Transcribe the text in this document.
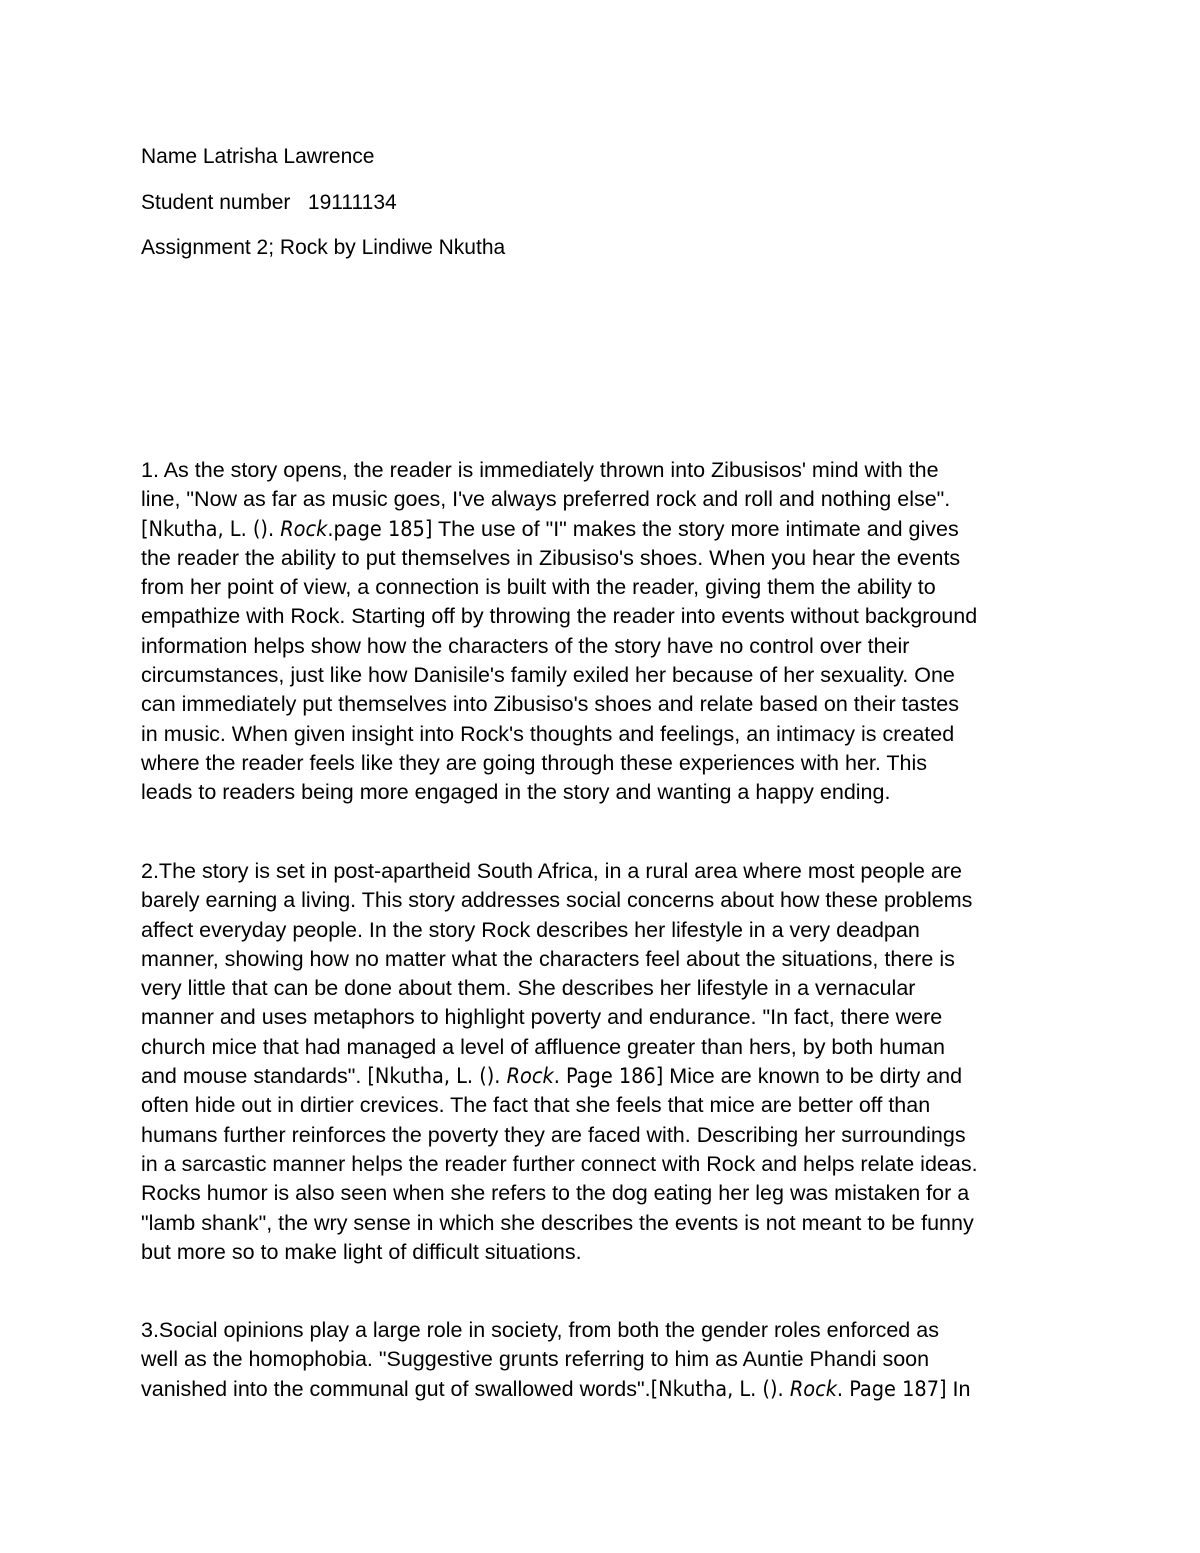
Name Latrisha Lawrence

Student number   19111134

Assignment 2; Rock by Lindiwe Nkutha

1. As the story opens, the reader is immediately thrown into Zibusisos' mind with the
line, "Now as far as music goes, I've always preferred rock and roll and nothing else".
[Nkutha, L. (). Rock.page 185] The use of "I" makes the story more intimate and gives
the reader the ability to put themselves in Zibusiso's shoes. When you hear the events
from her point of view, a connection is built with the reader, giving them the ability to
empathize with Rock. Starting off by throwing the reader into events without background
information helps show how the characters of the story have no control over their
circumstances, just like how Danisile's family exiled her because of her sexuality. One
can immediately put themselves into Zibusiso's shoes and relate based on their tastes
in music. When given insight into Rock's thoughts and feelings, an intimacy is created
where the reader feels like they are going through these experiences with her. This
leads to readers being more engaged in the story and wanting a happy ending.
2.The story is set in post-apartheid South Africa, in a rural area where most people are
barely earning a living. This story addresses social concerns about how these problems
affect everyday people. In the story Rock describes her lifestyle in a very deadpan
manner, showing how no matter what the characters feel about the situations, there is
very little that can be done about them. She describes her lifestyle in a vernacular
manner and uses metaphors to highlight poverty and endurance. "In fact, there were
church mice that had managed a level of affluence greater than hers, by both human
and mouse standards". [Nkutha, L. (). Rock. Page 186] Mice are known to be dirty and
often hide out in dirtier crevices. The fact that she feels that mice are better off than
humans further reinforces the poverty they are faced with. Describing her surroundings
in a sarcastic manner helps the reader further connect with Rock and helps relate ideas.
Rocks humor is also seen when she refers to the dog eating her leg was mistaken for a
"lamb shank", the wry sense in which she describes the events is not meant to be funny
but more so to make light of difficult situations.
3.Social opinions play a large role in society, from both the gender roles enforced as
well as the homophobia. "Suggestive grunts referring to him as Auntie Phandi soon
vanished into the communal gut of swallowed words".[Nkutha, L. (). Rock. Page 187] In
